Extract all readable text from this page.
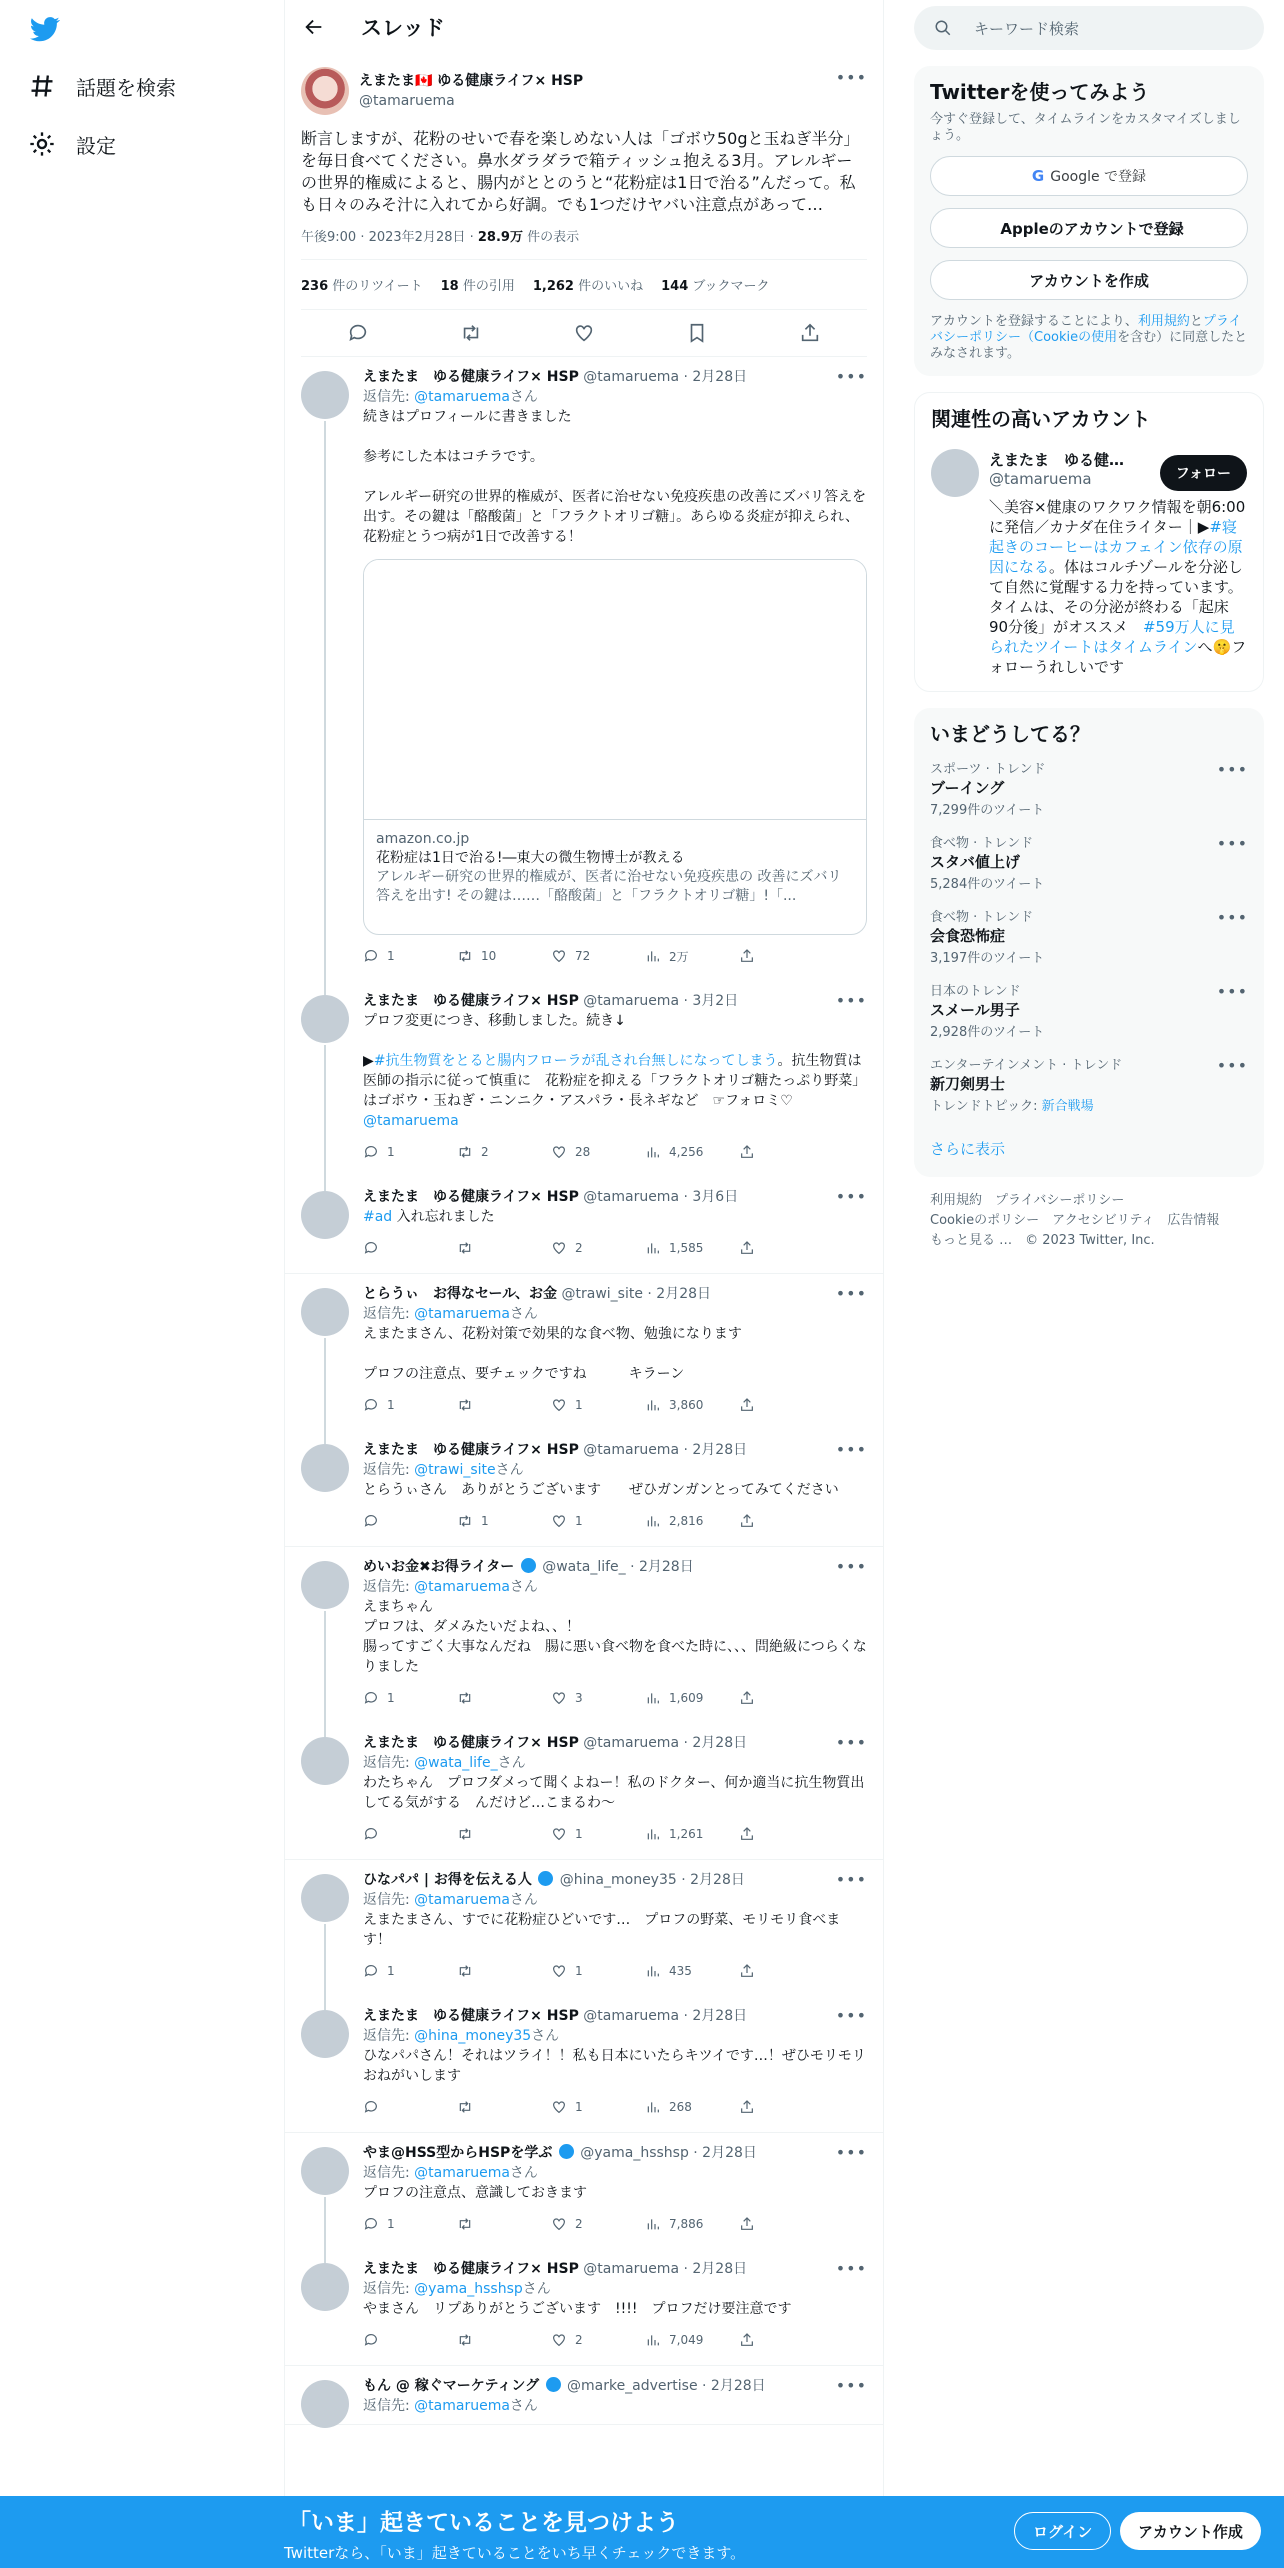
話題を検索
設定
スレッド
えまたま🇨🇦 ゆる健康ライフ× HSP
@tamaruema
•••
断言しますが、花粉のせいで春を楽しめない人は「ゴボウ50gと玉ねぎ半分」を毎日食べてください。鼻水ダラダラで箱ティッシュ抱える3月。アレルギーの世界的権威によると、腸内がととのうと“花粉症は1日で治る”んだって。私も日々のみそ汁に入れてから好調。でも1つだけヤバい注意点があって…
午後9:00 · 2023年2月28日 · 28.9万 件の表示
236 件のリツイート 18 件の引用 1,262 件のいいね 144 ブックマーク
えまたま　ゆる健康ライフ× HSP @tamaruema · 2月28日	•••
返信先: @tamaruemaさん
続きはプロフィールに書きました

参考にした本はコチラです。

アレルギー研究の世界的権威が、医者に治せない免疫疾患の改善にズバリ答えを出す。その鍵は「酪酸菌」と「フラクトオリゴ糖」。あらゆる炎症が抑えられ、花粉症とうつ病が1日で改善する！
amazon.co.jp
花粉症は1日で治る!―東大の微生物博士が教える
アレルギー研究の世界的権威が、医者に治せない免疫疾患の 改善にズバリ答えを出す! その鍵は……「酪酸菌」と「フラクトオリゴ糖」!「...
1	10	72	2万
えまたま　ゆる健康ライフ× HSP @tamaruema · 3月2日	•••
プロフ変更につき、移動しました。続き↓

▶︎#抗生物質をとると腸内フローラが乱され台無しになってしまう。抗生物質は医師の指示に従って慎重に　花粉症を抑える「フラクトオリゴ糖たっぷり野菜」はゴボウ・玉ねぎ・ニンニク・アスパラ・長ネギなど　☞フォロミ♡ @tamaruema
1	2	28	4,256
えまたま　ゆる健康ライフ× HSP @tamaruema · 3月6日	•••
#ad 入れ忘れました
2	1,585
とらうぃ　お得なセール、お金 @trawi_site · 2月28日	•••
返信先: @tamaruemaさん
えまたまさん、花粉対策で効果的な食べ物、勉強になります

プロフの注意点、要チェックですね　　　キラーン
1	1	3,860
えまたま　ゆる健康ライフ× HSP @tamaruema · 2月28日	•••
返信先: @trawi_siteさん
とらうぃさん　ありがとうございます　　ぜひガンガンとってみてください
1	1	2,816
めいお金✖お得ライター @wata_life_ · 2月28日	•••
返信先: @tamaruemaさん
えまちゃん
プロフは、ダメみたいだよね、、！
腸ってすごく大事なんだね　腸に悪い食べ物を食べた時に、、、問絶級につらくなりました
1	3	1,609
えまたま　ゆる健康ライフ× HSP @tamaruema · 2月28日	•••
返信先: @wata_life_さん
わたちゃん　プロフダメって聞くよねー！私のドクター、何か適当に抗生物質出してる気がする　んだけど…こまるわ〜
1	1,261
ひなパパ | お得を伝える人 @hina_money35 · 2月28日	•••
返信先: @tamaruemaさん
えまたまさん、すでに花粉症ひどいです…　プロフの野菜、モリモリ食べます！
1	1	435
えまたま　ゆる健康ライフ× HSP @tamaruema · 2月28日	•••
返信先: @hina_money35さん
ひなパパさん！それはツライ！！私も日本にいたらキツイです…！ぜひモリモリおねがいします
1	268
やま@HSS型からHSPを学ぶ @yama_hsshsp · 2月28日	•••
返信先: @tamaruemaさん
プロフの注意点、意識しておきます
1	2	7,886
えまたま　ゆる健康ライフ× HSP @tamaruema · 2月28日	•••
返信先: @yama_hsshspさん
やまさん　リプありがとうございます　!!!!　プロフだけ要注意です
2	7,049
もん @ 稼ぐマーケティング @marke_advertise · 2月28日	•••
返信先: @tamaruemaさん
キーワード検索
Twitterを使ってみよう
今すぐ登録して、タイムラインをカスタマイズしましょう。
G Google で登録
Appleのアカウントで登録
アカウントを作成
アカウントを登録することにより、利用規約とプライバシーポリシー（Cookieの使用を含む）に同意したとみなされます。
関連性の高いアカウント
えまたま　ゆる健…
@tamaruema	フォロー
＼美容×健康のワクワク情報を朝6:00に発信／カナダ在住ライター｜▶︎#寝起きのコーヒーはカフェイン依存の原因になる。体はコルチゾールを分泌して自然に覚醒する力を持っています。　タイムは、その分泌が終わる「起床90分後」がオススメ　#59万人に見られたツイートはタイムラインへ🤫フォローうれしいです
いまどうしてる？
スポーツ · トレンド
ブーイング
7,299件のツイート
•••
食べ物 · トレンド
スタバ値上げ
5,284件のツイート
•••
食べ物 · トレンド
会食恐怖症
3,197件のツイート
•••
日本のトレンド
スメール男子
2,928件のツイート
•••
エンターテインメント · トレンド
新刀剣男士
トレンドトピック: 新合戦場
•••
さらに表示
利用規約　プライバシーポリシー
Cookieのポリシー　アクセシビリティ　広告情報
もっと見る …　© 2023 Twitter, Inc.
「いま」起きていることを見つけよう
Twitterなら、「いま」起きていることをいち早くチェックできます。
ログイン	アカウント作成
